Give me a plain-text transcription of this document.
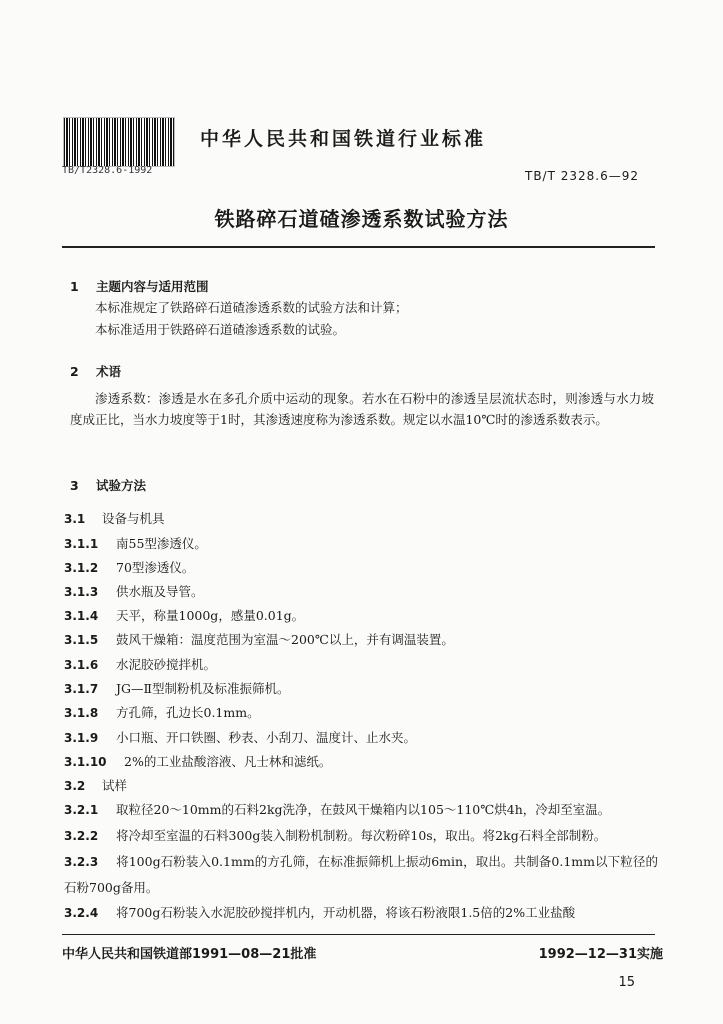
TB/T2328.6-1992
中华人民共和国铁道行业标准
TB/T 2328.6—92
铁路碎石道碴渗透系数试验方法
1 主题内容与适用范围
本标准规定了铁路碎石道碴渗透系数的试验方法和计算；
本标准适用于铁路碎石道碴渗透系数的试验。
2 术语
渗透系数：渗透是水在多孔介质中运动的现象。若水在石粉中的渗透呈层流状态时，则渗透与水力坡度成正比，当水力坡度等于1时，其渗透速度称为渗透系数。规定以水温10℃时的渗透系数表示。
3 试验方法
3.1 设备与机具
3.1.1 南55型渗透仪。
3.1.2 70型渗透仪。
3.1.3 供水瓶及导管。
3.1.4 天平，称量1000g，感量0.01g。
3.1.5 鼓风干燥箱：温度范围为室温～200℃以上，并有调温装置。
3.1.6 水泥胶砂搅拌机。
3.1.7 JG—Ⅱ型制粉机及标准振筛机。
3.1.8 方孔筛，孔边长0.1mm。
3.1.9 小口瓶、开口铁圈、秒表、小刮刀、温度计、止水夹。
3.1.10 2%的工业盐酸溶液、凡士林和滤纸。
3.2 试样
3.2.1 取粒径20～10mm的石料2kg洗净，在鼓风干燥箱内以105～110℃烘4h，冷却至室温。
3.2.2 将冷却至室温的石料300g装入制粉机制粉。每次粉碎10s，取出。将2kg石料全部制粉。
3.2.3 将100g石粉装入0.1mm的方孔筛，在标准振筛机上振动6min，取出。共制备0.1mm以下粒径的石粉700g备用。
中华人民共和国铁道部1991—08—21批准	1992—12—31实施
15
3.2.4 将700g石粉装入水泥胶砂搅拌机内，开动机器，将该石粉液限1.5倍的2%工业盐酸
